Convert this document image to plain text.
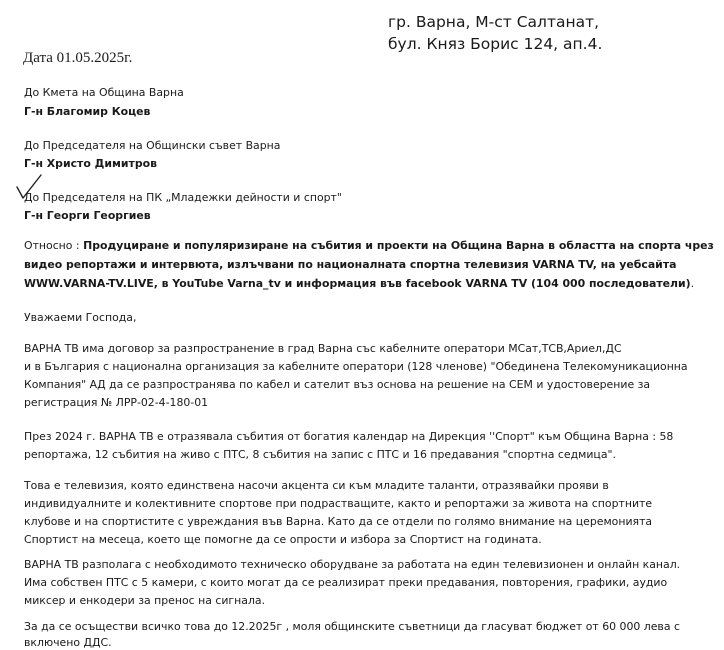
гр. Варна, М-ст Салтанат,
бул. Княз Борис 124, ап.4.
Дата 01.05.2025г.
До Кмета на Община Варна
Г-н Благомир Коцев
До Председателя на Общински съвет Варна
Г-н Христо Димитров
До Председателя на ПК „Младежки дейности и спорт"
Г-н Георги Георгиев
Относно : Продуциране и популяризиране на събития и проекти на Община Варна в областта на спорта чрез
видео репортажи и интервюта, излъчвани по националната спортна телевизия VARNA TV, на уебсайта
WWW.VARNA-TV.LIVE, в YouTube Varna_tv и информация във facebook VARNA TV (104 000 последователи).
Уважаеми Господа,
ВАРНА ТВ има договор за разпространение в град Варна със кабелните оператори МСат,ТСВ,Ариел,ДС
и в България с национална организация за кабелните оператори (128 членове) "Обединена Телекомуникационна
Компания" АД да се разпространява по кабел и сателит въз основа на решение на СЕМ и удостоверение за
регистрация № ЛРР-02-4-180-01
През 2024 г. ВАРНА ТВ е отразявала събития от богатия календар на Дирекция ''Спорт" към Община Варна : 58
репортажа, 12 събития на живо с ПТС, 8 събития на запис с ПТС и 16 предавания "спортна седмица".
Това е телевизия, която единствена насочи акцента си към младите таланти, отразявайки прояви в
индивидуалните и колективните спортове при подрастващите, както и репортажи за живота на спортните
клубове и на спортистите с увреждания във Варна. Като да се отдели по голямо внимание на церемонията
Спортист на месеца, което ще помогне да се опрости и избора за Спортист на годината.
ВАРНА ТВ разполага с необходимото техническо оборудване за работата на един телевизионен и онлайн канал.
Има собствен ПТС с 5 камери, с които могат да се реализират преки предавания, повторения, графики, аудио
миксер и енкодери за пренос на сигнала.
За да се осъществи всичко това до 12.2025г , моля общинските съветници да гласуват бюджет от 60 000 лева с
включено ДДС.
